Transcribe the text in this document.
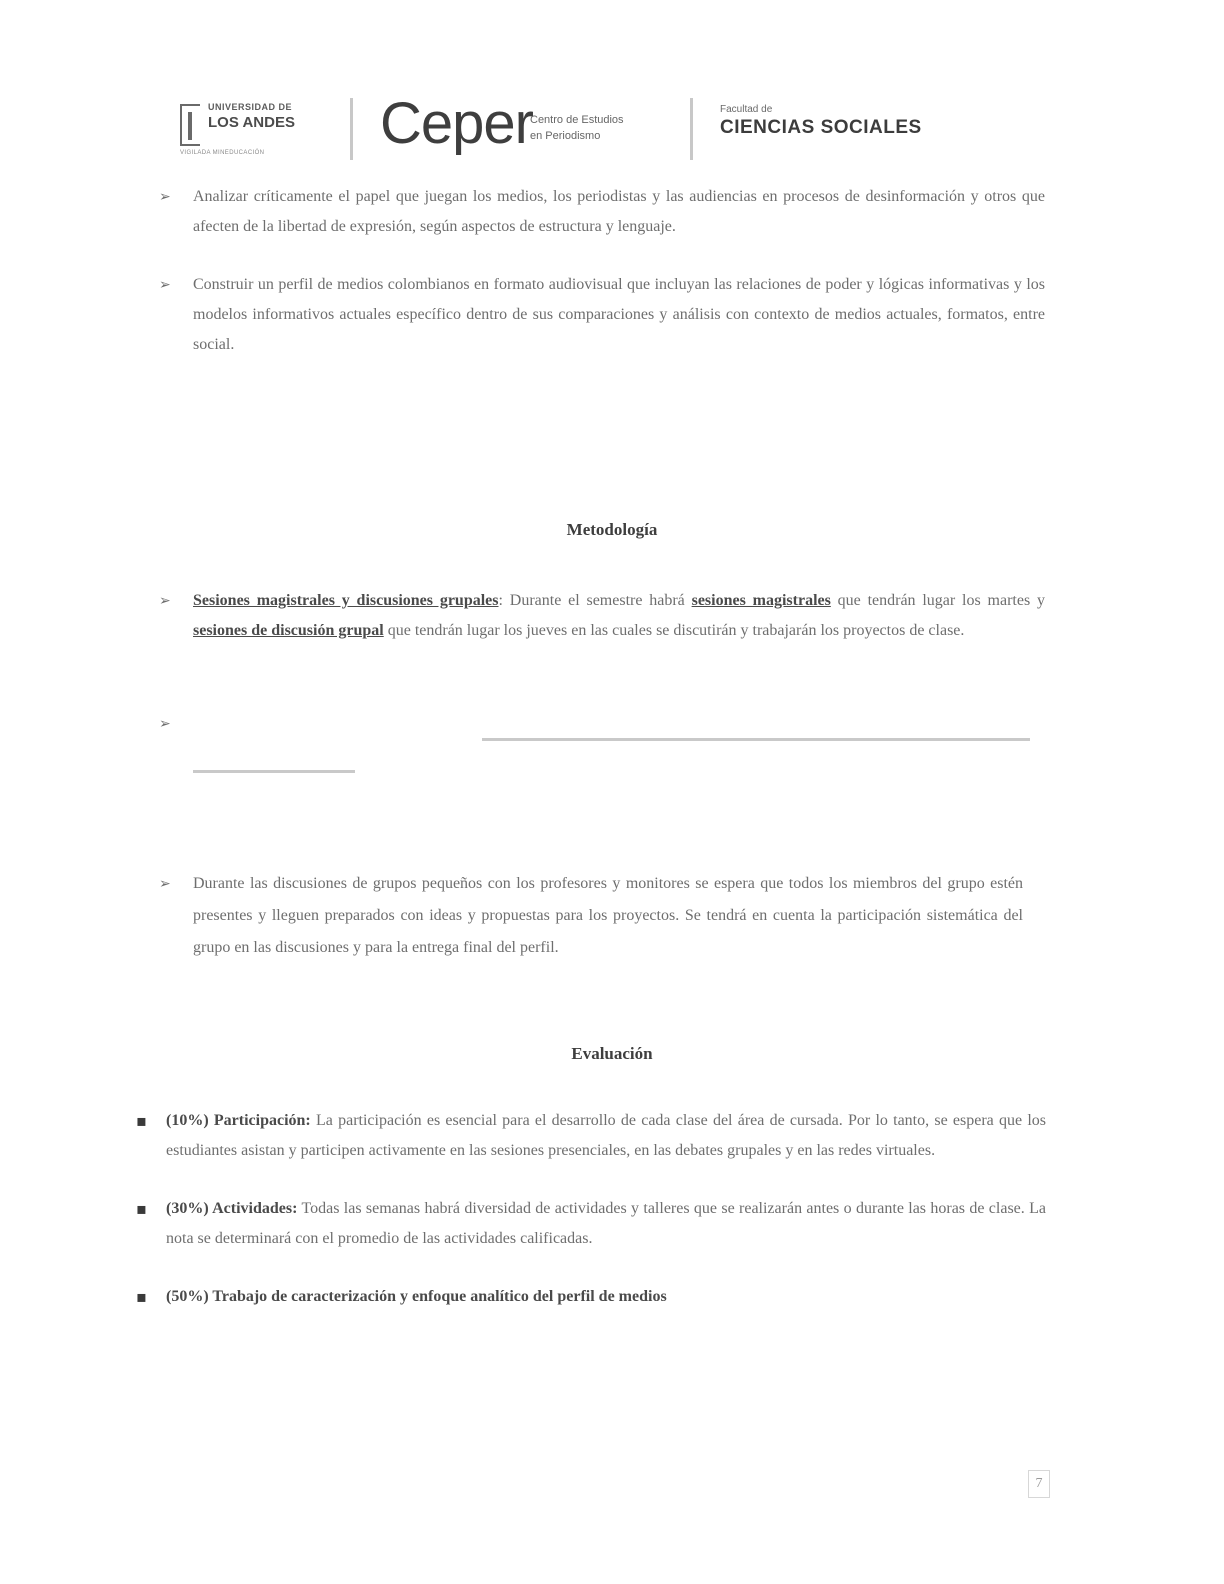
UNIVERSIDAD DE
LOS ANDES
VIGILADA MINEDUCACIÓN Ceper
Centro de Estudios
en Periodismo
Facultad de
CIENCIAS SOCIALES
➢ Analizar críticamente el papel que juegan los medios, los periodistas y las audiencias en procesos de desinformación y otros que afecten de la libertad de expresión, según aspectos de estructura y lenguaje.
➢ Construir un perfil de medios colombianos en formato audiovisual que incluyan las relaciones de poder y lógicas informativas y los modelos informativos actuales específico dentro de sus comparaciones y análisis con contexto de medios actuales, formatos, entre social.
Metodología
➢ Sesiones magistrales y discusiones grupales: Durante el semestre habrá sesiones magistrales que tendrán lugar los martes y sesiones de discusión grupal que tendrán lugar los jueves en las cuales se discutirán y trabajarán los proyectos de clase.
➢
➢ Durante las discusiones de grupos pequeños con los profesores y monitores se espera que todos los miembros del grupo estén presentes y lleguen preparados con ideas y propuestas para los proyectos. Se tendrá en cuenta la participación sistemática del grupo en las discusiones y para la entrega final del perfil.
Evaluación
▪ (10%) Participación: La participación es esencial para el desarrollo de cada clase del área de cursada. Por lo tanto, se espera que los estudiantes asistan y participen activamente en las sesiones presenciales, en las debates grupales y en las redes virtuales.
▪ (30%) Actividades: Todas las semanas habrá diversidad de actividades y talleres que se realizarán antes o durante las horas de clase. La nota se determinará con el promedio de las actividades calificadas.
▪ (50%) Trabajo de caracterización y enfoque analítico del perfil de medios
7
